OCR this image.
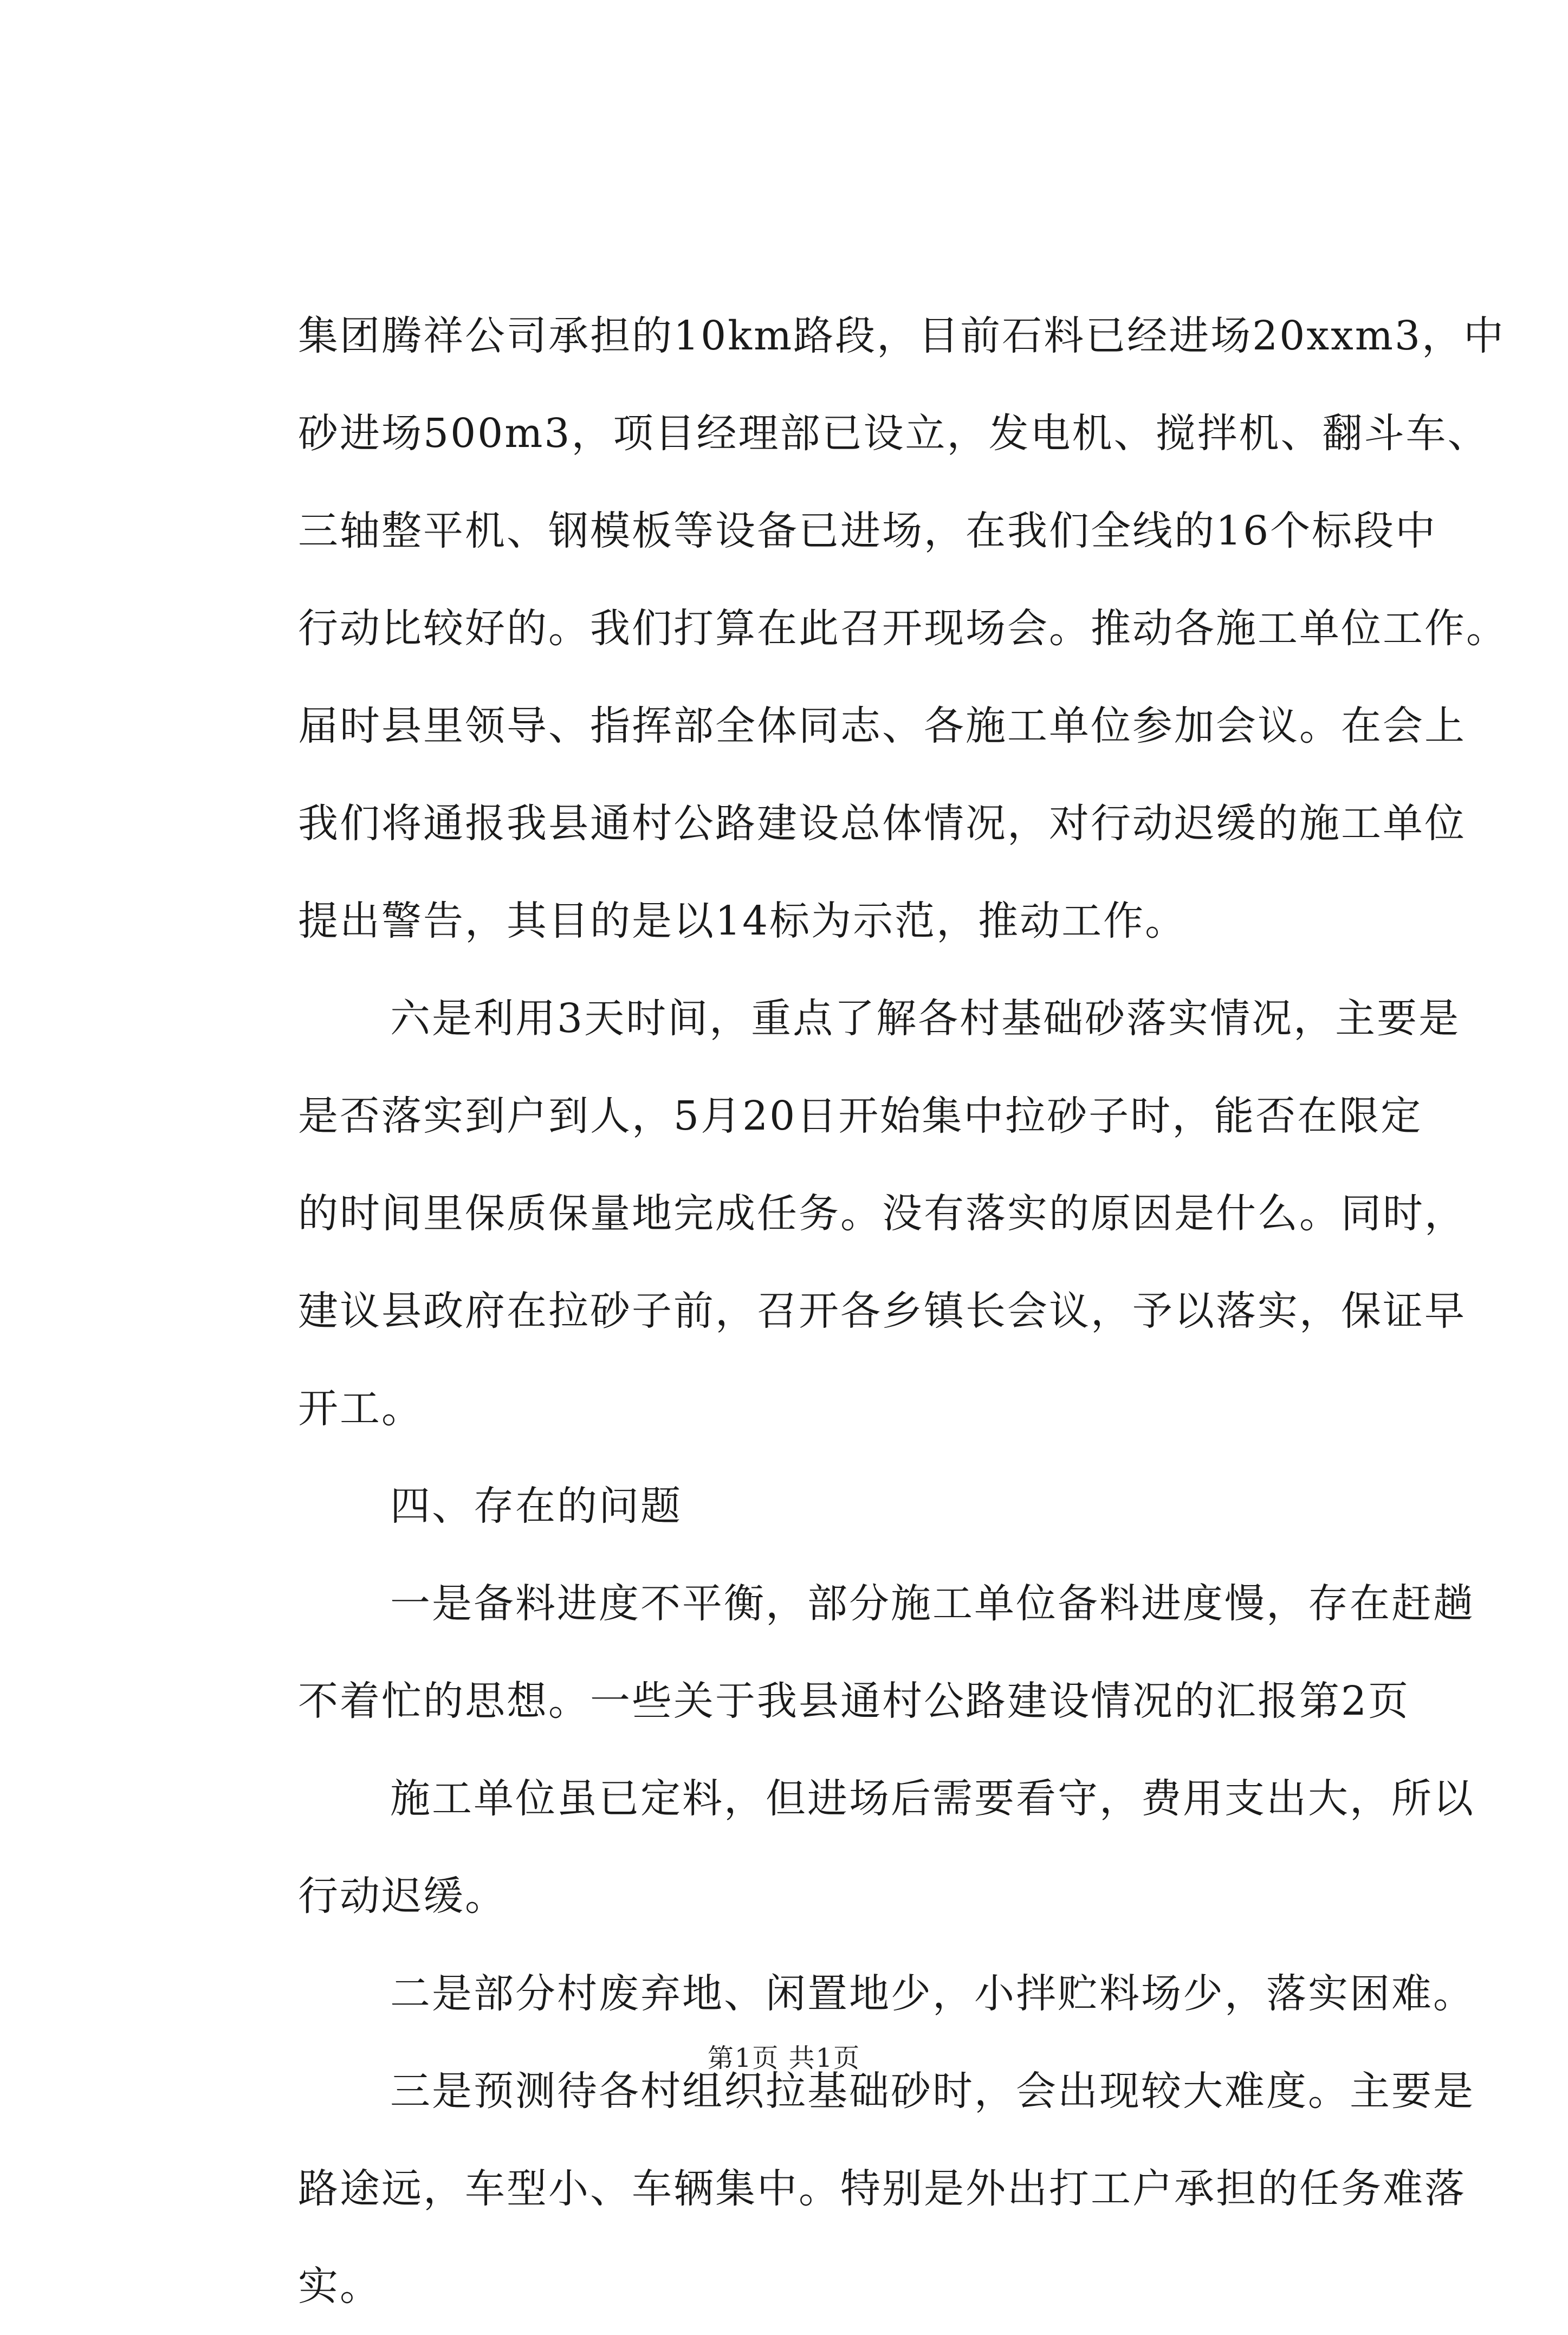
集团腾祥公司承担的10km路段，目前石料已经进场20xxm3，中
砂进场500m3，项目经理部已设立，发电机、搅拌机、翻斗车、
三轴整平机、钢模板等设备已进场，在我们全线的16个标段中
行动比较好的。我们打算在此召开现场会。推动各施工单位工作。
届时县里领导、指挥部全体同志、各施工单位参加会议。在会上
我们将通报我县通村公路建设总体情况，对行动迟缓的施工单位
提出警告，其目的是以14标为示范，推动工作。
六是利用3天时间，重点了解各村基础砂落实情况，主要是
是否落实到户到人，5月20日开始集中拉砂子时，能否在限定
的时间里保质保量地完成任务。没有落实的原因是什么。同时，
建议县政府在拉砂子前，召开各乡镇长会议，予以落实，保证早
开工。
四、存在的问题
一是备料进度不平衡，部分施工单位备料进度慢，存在赶趟
不着忙的思想。一些关于我县通村公路建设情况的汇报第2页
施工单位虽已定料，但进场后需要看守，费用支出大，所以
行动迟缓。
二是部分村废弃地、闲置地少，小拌贮料场少，落实困难。
三是预测待各村组织拉基础砂时，会出现较大难度。主要是
路途远，车型小、车辆集中。特别是外出打工户承担的任务难落
实。
第1页 共1页
